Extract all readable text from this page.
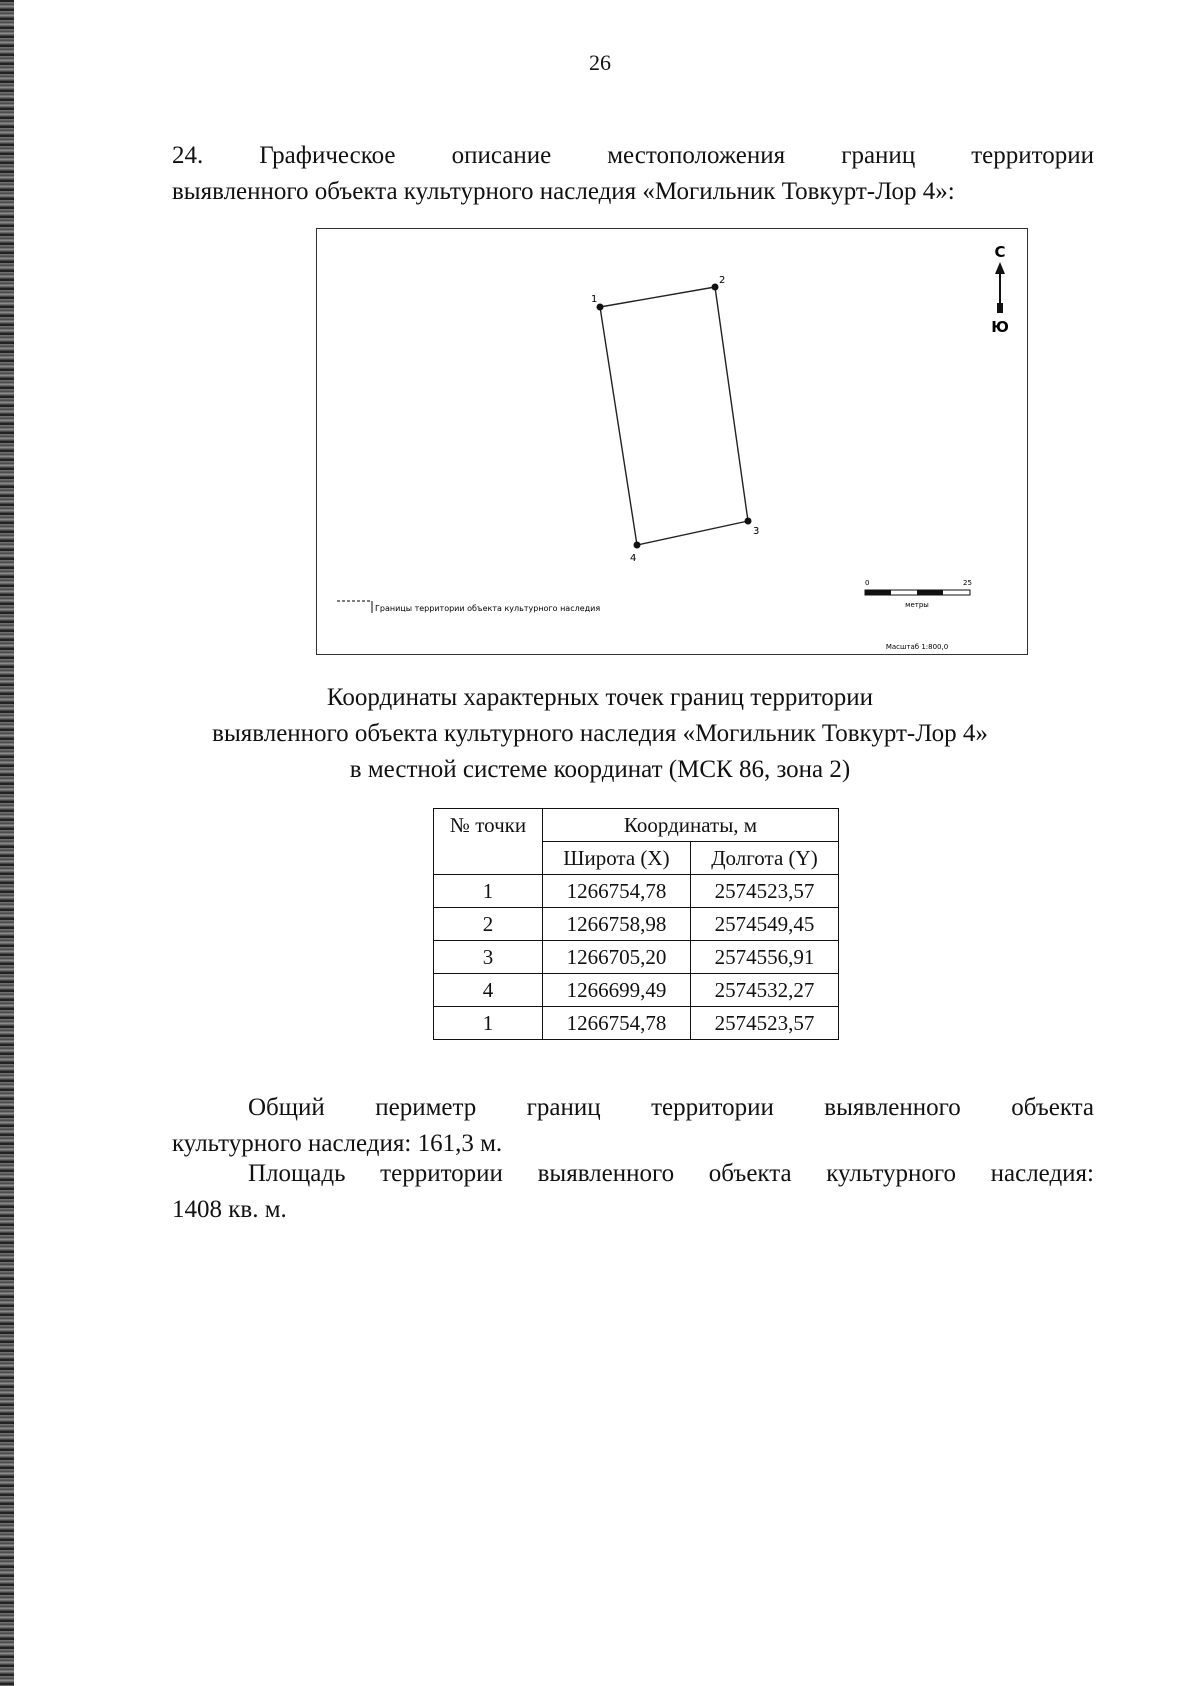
26
24. Графическое описание местоположения границ территории
выявленного объекта культурного наследия «Могильник Товкурт-Лор 4»:
1
2
3
4
С
Ю
Границы территории объекта культурного наследия
0	25
метры
Масштаб 1:800,0
Координаты характерных точек границ территории
выявленного объекта культурного наследия «Могильник Товкурт-Лор 4»
в местной системе координат (МСК 86, зона 2)
№ точки	Координаты, м	
	Широта (X)	Долгота (Y)
1	1266754,78	2574523,57
2	1266758,98	2574549,45
3	1266705,20	2574556,91
4	1266699,49	2574532,27
1	1266754,78	2574523,57
Общий периметр границ территории выявленного объекта
культурного наследия: 161,3 м.
Площадь территории выявленного объекта культурного наследия:
1408 кв. м.
